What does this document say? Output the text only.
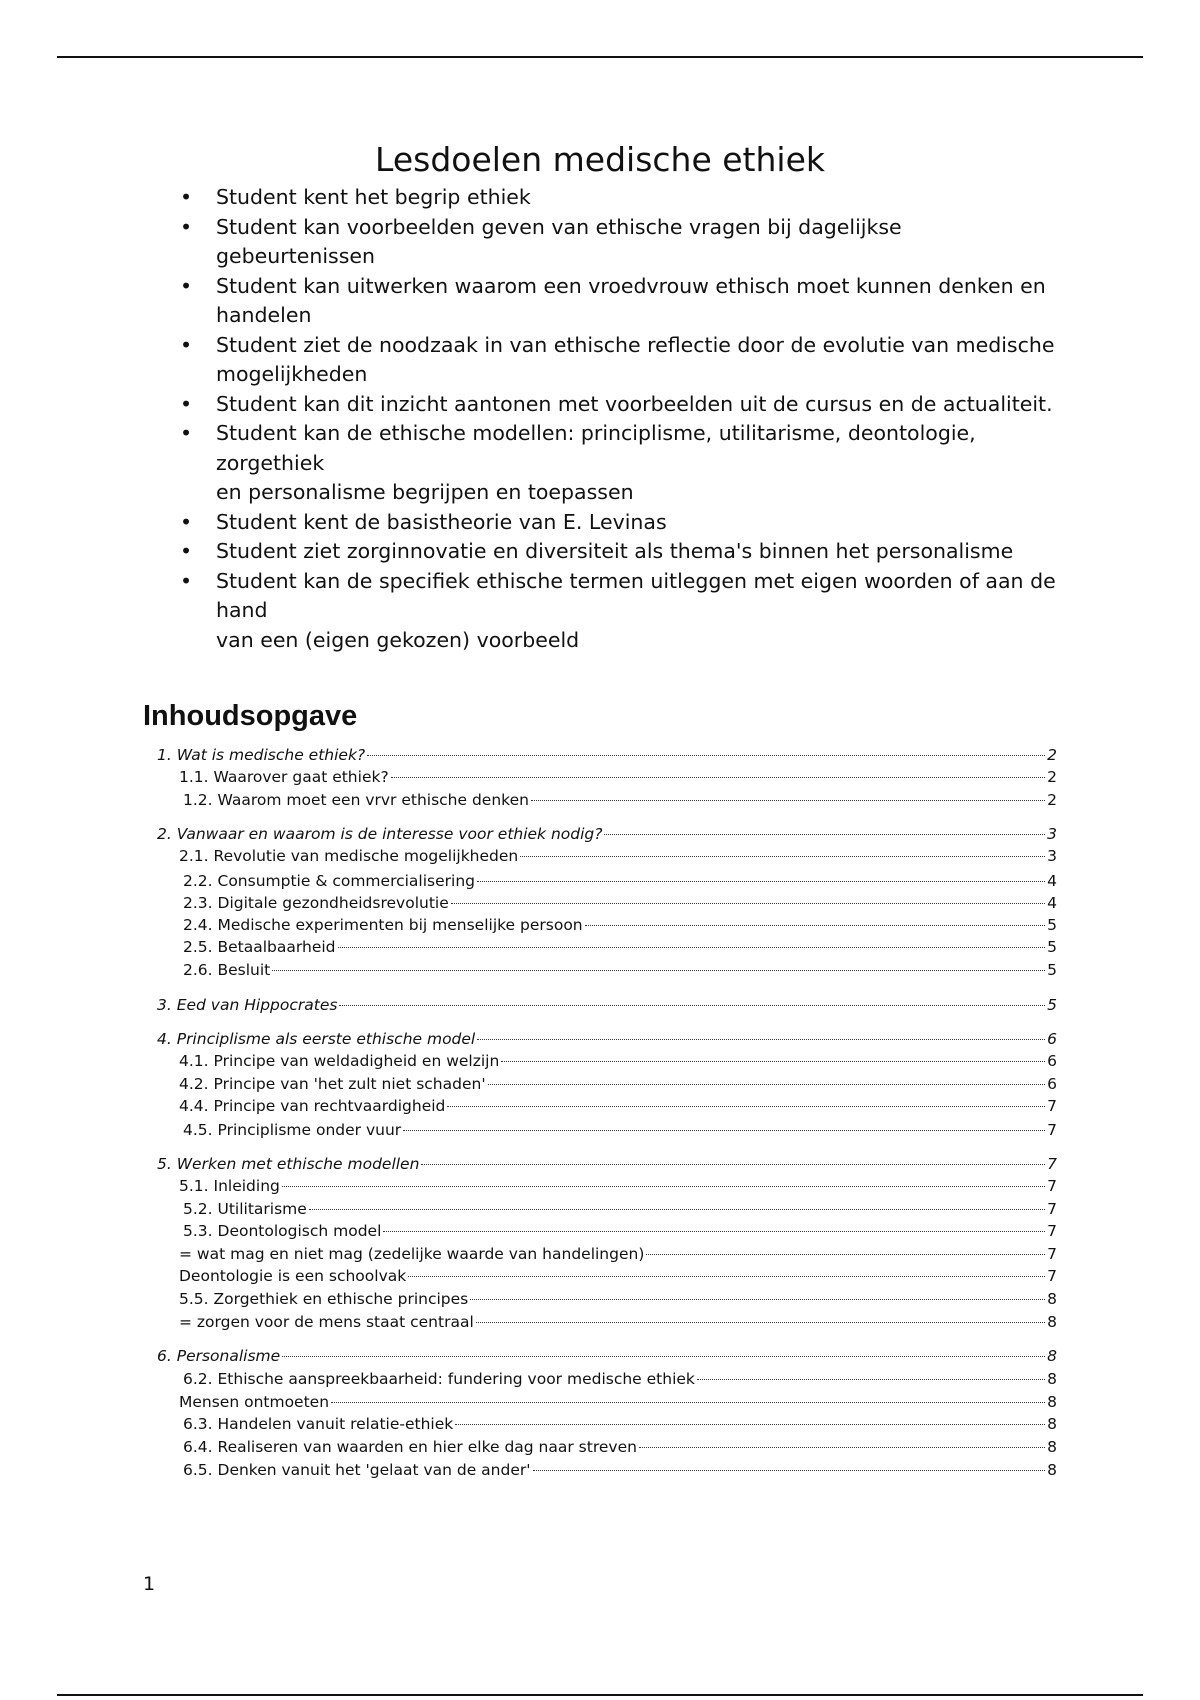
Lesdoelen medische ethiek
•	Student kent het begrip ethiek
•	Student kan voorbeelden geven van ethische vragen bij dagelijkse gebeurtenissen
•	Student kan uitwerken waarom een vroedvrouw ethisch moet kunnen denken en
handelen
•	Student ziet de noodzaak in van ethische reflectie door de evolutie van medische
mogelijkheden
•	Student kan dit inzicht aantonen met voorbeelden uit de cursus en de actualiteit.
•	Student kan de ethische modellen: principlisme, utilitarisme, deontologie, zorgethiek
en personalisme begrijpen en toepassen
•	Student kent de basistheorie van E. Levinas
•	Student ziet zorginnovatie en diversiteit als thema's binnen het personalisme
•	Student kan de specifiek ethische termen uitleggen met eigen woorden of aan de
hand
van een (eigen gekozen) voorbeeld
Inhoudsopgave
1. Wat is medische ethiek?	2
1.1. Waarover gaat ethiek?	2
1.2. Waarom moet een vrvr ethische denken	2
2. Vanwaar en waarom is de interesse voor ethiek nodig?	3
2.1. Revolutie van medische mogelijkheden	3
2.2. Consumptie & commercialisering	4
2.3. Digitale gezondheidsrevolutie	4
2.4. Medische experimenten bij menselijke persoon	5
2.5. Betaalbaarheid	5
2.6. Besluit	5
3. Eed van Hippocrates	5
4. Principlisme als eerste ethische model	6
4.1. Principe van weldadigheid en welzijn	6
4.2. Principe van 'het zult niet schaden'	6
4.4. Principe van rechtvaardigheid	7
4.5. Principlisme onder vuur	7
5. Werken met ethische modellen	7
5.1. Inleiding	7
5.2. Utilitarisme	7
5.3. Deontologisch model	7
= wat mag en niet mag (zedelijke waarde van handelingen)	7
Deontologie is een schoolvak	7
5.5. Zorgethiek en ethische principes	8
= zorgen voor de mens staat centraal	8
6. Personalisme	8
6.2. Ethische aanspreekbaarheid: fundering voor medische ethiek	8
Mensen ontmoeten	8
6.3. Handelen vanuit relatie-ethiek	8
6.4. Realiseren van waarden en hier elke dag naar streven	8
6.5. Denken vanuit het 'gelaat van de ander'	8
1
